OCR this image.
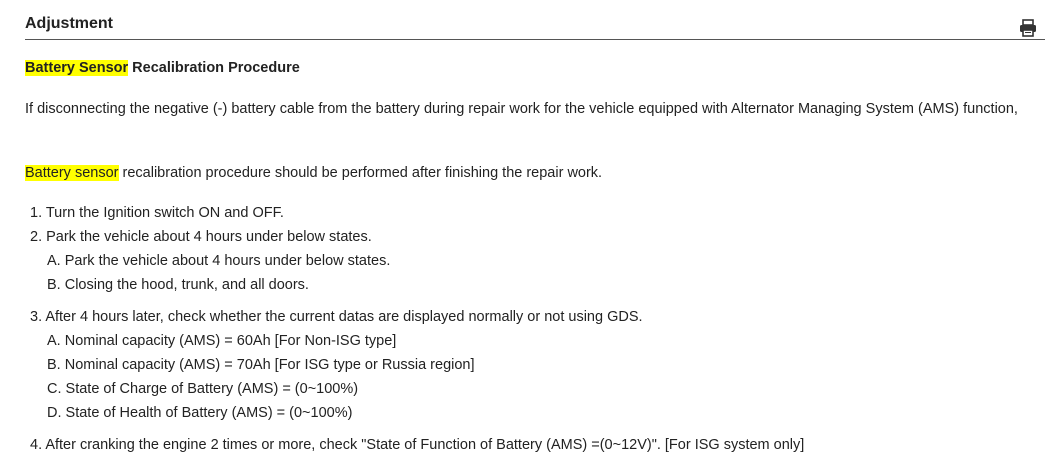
Adjustment
Battery Sensor Recalibration Procedure
If disconnecting the negative (-) battery cable from the battery during repair work for the vehicle equipped with Alternator Managing System (AMS) function,
Battery sensor recalibration procedure should be performed after finishing the repair work.
1. Turn the Ignition switch ON and OFF.
2. Park the vehicle about 4 hours under below states.
A. Park the vehicle about 4 hours under below states.
B. Closing the hood, trunk, and all doors.
3. After 4 hours later, check whether the current datas are displayed normally or not using GDS.
A. Nominal capacity (AMS) = 60Ah [For Non-ISG type]
B. Nominal capacity (AMS) = 70Ah [For ISG type or Russia region]
C. State of Charge of Battery (AMS) = (0~100%)
D. State of Health of Battery (AMS) = (0~100%)
4. After cranking the engine 2 times or more, check "State of Function of Battery (AMS) =(0~12V)". [For ISG system only]
